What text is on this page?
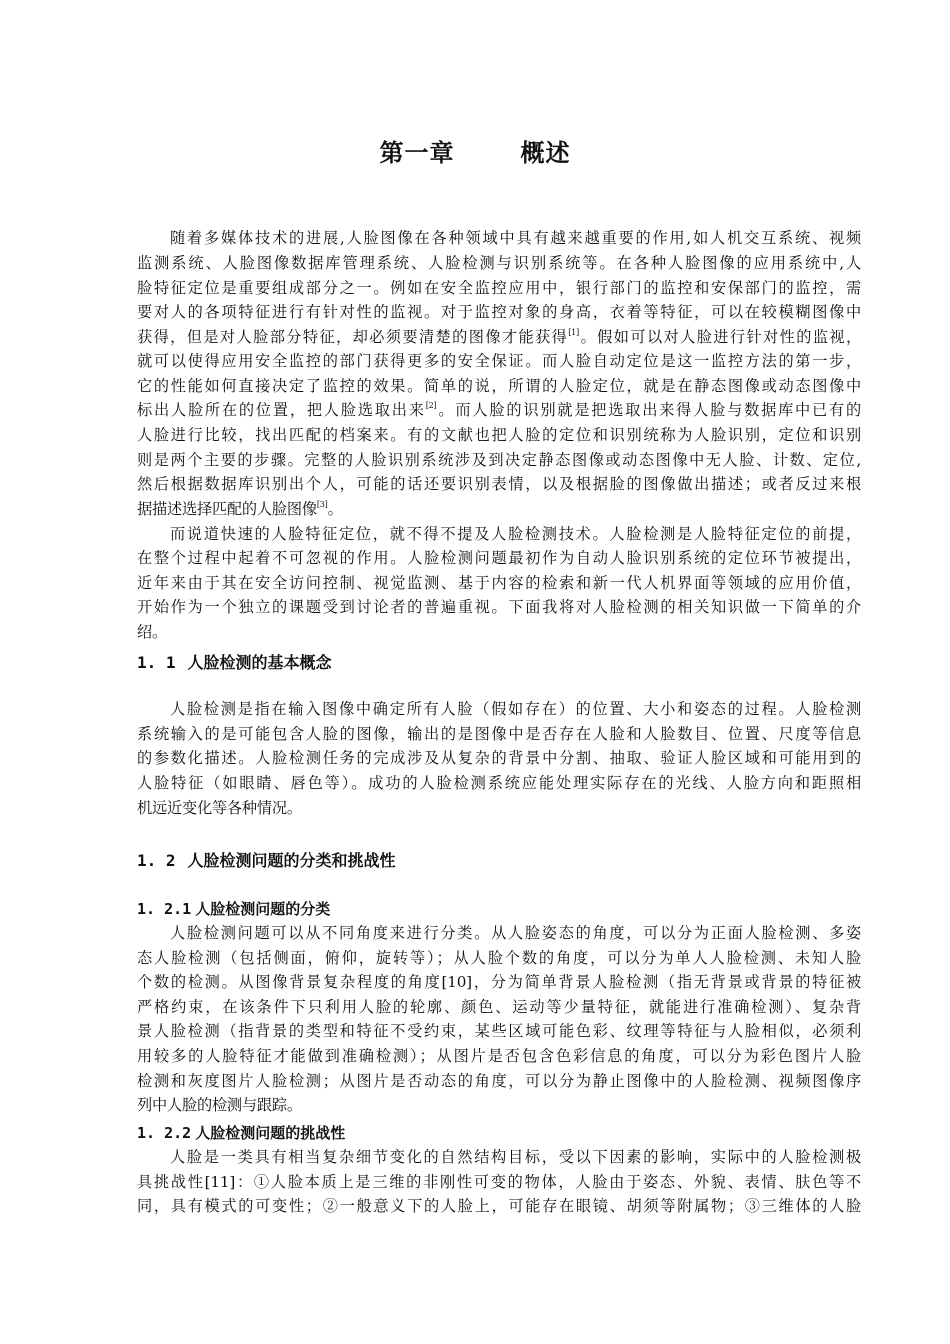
第一章	概述
随着多媒体技术的进展,人脸图像在各种领域中具有越来越重要的作用,如人机交互系统、视频
监测系统、人脸图像数据库管理系统、人脸检测与识别系统等。在各种人脸图像的应用系统中,人
脸特征定位是重要组成部分之一。例如在安全监控应用中，银行部门的监控和安保部门的监控，需
要对人的各项特征进行有针对性的监视。对于监控对象的身高，衣着等特征，可以在较模糊图像中
获得，但是对人脸部分特征，却必须要清楚的图像才能获得[1]。假如可以对人脸进行针对性的监视，
就可以使得应用安全监控的部门获得更多的安全保证。而人脸自动定位是这一监控方法的第一步，
它的性能如何直接决定了监控的效果。简单的说，所谓的人脸定位，就是在静态图像或动态图像中
标出人脸所在的位置，把人脸选取出来[2]。而人脸的识别就是把选取出来得人脸与数据库中已有的
人脸进行比较，找出匹配的档案来。有的文献也把人脸的定位和识别统称为人脸识别，定位和识别
则是两个主要的步骤。完整的人脸识别系统涉及到决定静态图像或动态图像中无人脸、计数、定位,
然后根据数据库识别出个人，可能的话还要识别表情，以及根据脸的图像做出描述；或者反过来根
据描述选择匹配的人脸图像[3]。
而说道快速的人脸特征定位，就不得不提及人脸检测技术。人脸检测是人脸特征定位的前提，
在整个过程中起着不可忽视的作用。人脸检测问题最初作为自动人脸识别系统的定位环节被提出，
近年来由于其在安全访问控制、视觉监测、基于内容的检索和新一代人机界面等领域的应用价值，
开始作为一个独立的课题受到讨论者的普遍重视。下面我将对人脸检测的相关知识做一下简单的介
绍。
1. 1 人脸检测的基本概念
人脸检测是指在输入图像中确定所有人脸（假如存在）的位置、大小和姿态的过程。人脸检测
系统输入的是可能包含人脸的图像，输出的是图像中是否存在人脸和人脸数目、位置、尺度等信息
的参数化描述。人脸检测任务的完成涉及从复杂的背景中分割、抽取、验证人脸区域和可能用到的
人脸特征（如眼睛、唇色等）。成功的人脸检测系统应能处理实际存在的光线、人脸方向和距照相
机远近变化等各种情况。
1. 2 人脸检测问题的分类和挑战性
1. 2.1 人脸检测问题的分类
人脸检测问题可以从不同角度来进行分类。从人脸姿态的角度，可以分为正面人脸检测、多姿
态人脸检测（包括侧面，俯仰，旋转等）；从人脸个数的角度，可以分为单人人脸检测、未知人脸
个数的检测。从图像背景复杂程度的角度[10]，分为简单背景人脸检测（指无背景或背景的特征被
严格约束，在该条件下只利用人脸的轮廓、颜色、运动等少量特征，就能进行准确检测）、复杂背
景人脸检测（指背景的类型和特征不受约束，某些区域可能色彩、纹理等特征与人脸相似，必须利
用较多的人脸特征才能做到准确检测）；从图片是否包含色彩信息的角度，可以分为彩色图片人脸
检测和灰度图片人脸检测；从图片是否动态的角度，可以分为静止图像中的人脸检测、视频图像序
列中人脸的检测与跟踪。
1. 2.2 人脸检测问题的挑战性
人脸是一类具有相当复杂细节变化的自然结构目标，受以下因素的影响，实际中的人脸检测极
具挑战性[11]：①人脸本质上是三维的非刚性可变的物体，人脸由于姿态、外貌、表情、肤色等不
同，具有模式的可变性；②一般意义下的人脸上，可能存在眼镜、胡须等附属物；③三维体的人脸
